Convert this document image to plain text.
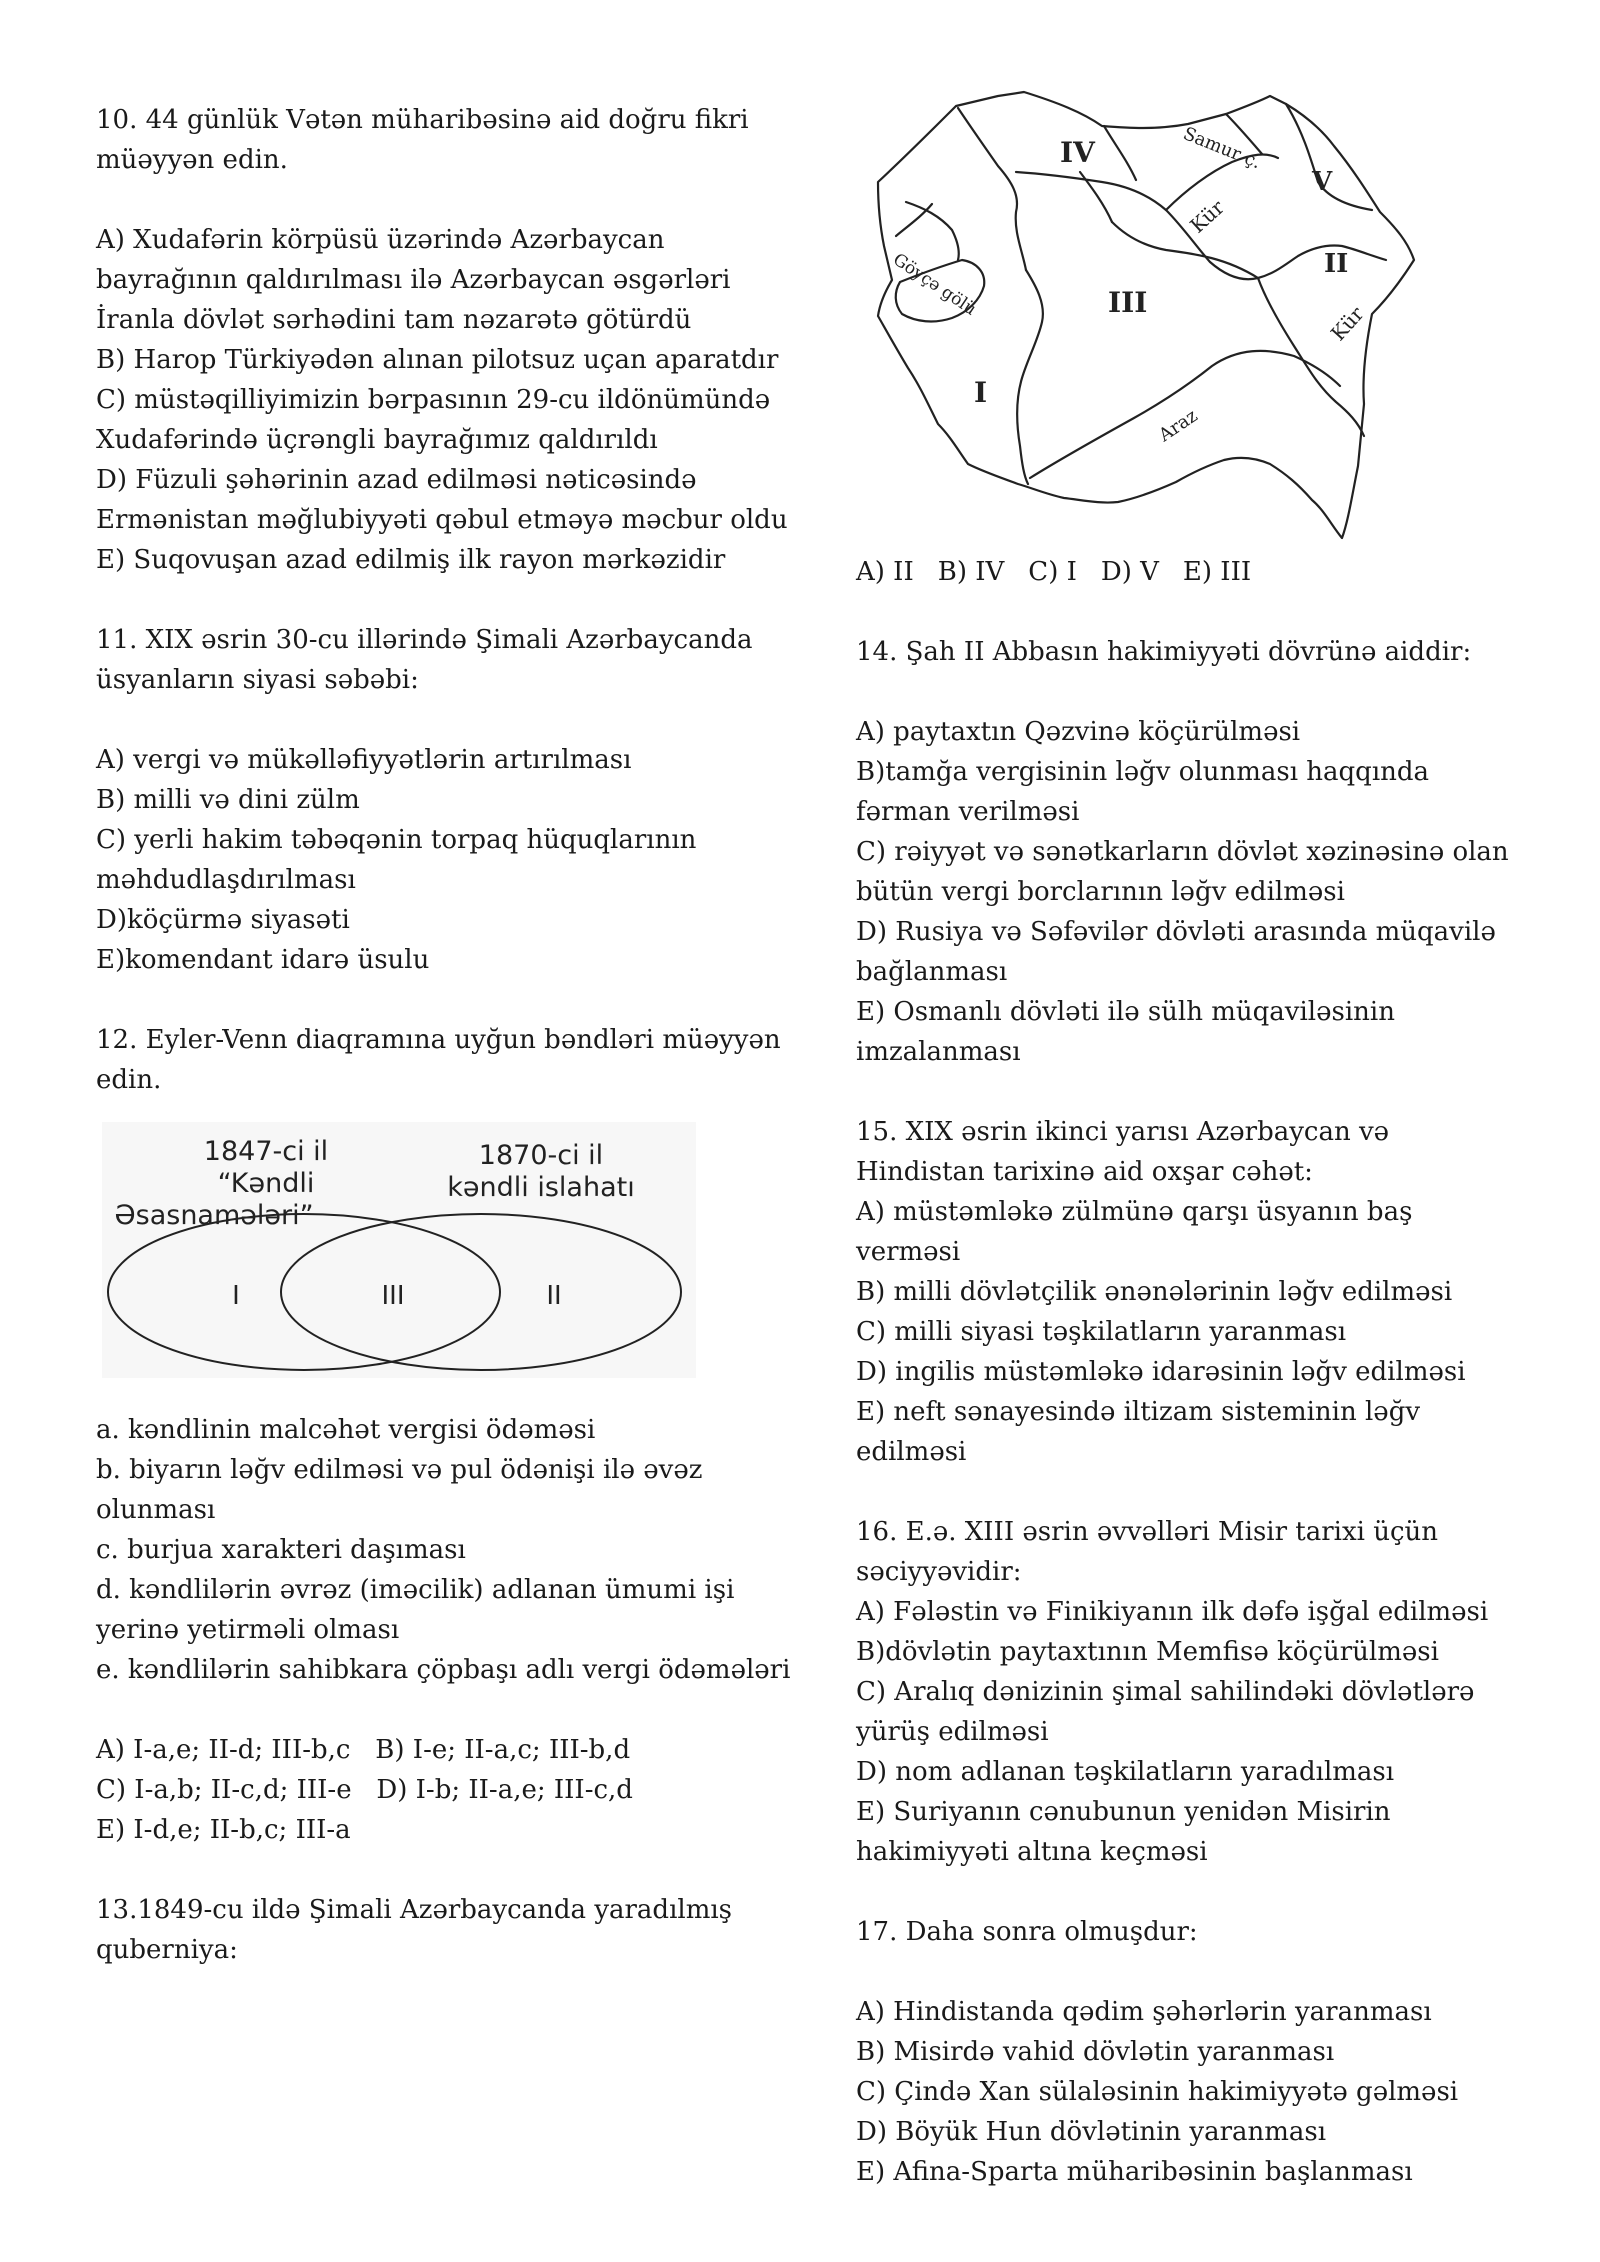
10. 44 günlük Vətən müharibəsinə aid doğru fikri müəyyən edin.

A) Xudafərin körpüsü üzərində Azərbaycan bayrağının qaldırılması ilə Azərbaycan əsgərləri İranla dövlət sərhədini tam nəzarətə götürdü

B) Harop Türkiyədən alınan pilotsuz uçan aparatdır

C) müstəqilliyimizin bərpasının 29-cu ildönümündə Xudafərində üçrəngli bayrağımız qaldırıldı

D) Füzuli şəhərinin azad edilməsi nəticəsində Ermənistan məğlubiyyəti qəbul etməyə məcbur oldu

E) Suqovuşan azad edilmiş ilk rayon mərkəzidir

11. XIX əsrin 30-cu illərində Şimali Azərbaycanda üsyanların siyasi səbəbi:

A) vergi və mükəlləfiyyətlərin artırılması

B) milli və dini zülm

C) yerli hakim təbəqənin torpaq hüquqlarının məhdudlaşdırılması

D)köçürmə siyasəti

E)komendant idarə üsulu

12. Eyler-Venn diaqramına uyğun bəndləri müəyyən edin.

1847-ci il
“Kəndli
Əsasnamələri”
1870-ci il
kəndli islahatı
I	III	II

a. kəndlinin malcəhət vergisi ödəməsi

b. biyarın ləğv edilməsi və pul ödənişi ilə əvəz olunması

c. burjua xarakteri daşıması

d. kəndlilərin əvrəz (iməcilik) adlanan ümumi işi yerinə yetirməli olması

e. kəndlilərin sahibkara çöpbaşı adlı vergi ödəmələri

A) I-a,e; II-d; III-b,c B) I-e; II-a,c; III-b,d

C) I-a,b; II-c,d; III-e D) I-b; II-a,e; III-c,d

E) I-d,e; II-b,c; III-a

13.1849-cu ildə Şimali Azərbaycanda yaradılmış quberniya:

IV
V
II
III
I
Samur ç.
Kür
Kür
Göyçə gölü
Araz

A) II B) IV C) I D) V E) III

14. Şah II Abbasın hakimiyyəti dövrünə aiddir:

A) paytaxtın Qəzvinə köçürülməsi

B)tamğa vergisinin ləğv olunması haqqında fərman verilməsi

C) rəiyyət və sənətkarların dövlət xəzinəsinə olan bütün vergi borclarının ləğv edilməsi

D) Rusiya və Səfəvilər dövləti arasında müqavilə bağlanması

E) Osmanlı dövləti ilə sülh müqaviləsinin imzalanması

15. XIX əsrin ikinci yarısı Azərbaycan və Hindistan tarixinə aid oxşar cəhət:

A) müstəmləkə zülmünə qarşı üsyanın baş verməsi

B) milli dövlətçilik ənənələrinin ləğv edilməsi

C) milli siyasi təşkilatların yaranması

D) ingilis müstəmləkə idarəsinin ləğv edilməsi

E) neft sənayesində iltizam sisteminin ləğv edilməsi

16. E.ə. XIII əsrin əvvəlləri Misir tarixi üçün səciyyəvidir:

A) Fələstin və Finikiyanın ilk dəfə işğal edilməsi

B)dövlətin paytaxtının Memfisə köçürülməsi

C) Aralıq dənizinin şimal sahilindəki dövlətlərə yürüş edilməsi

D) nom adlanan təşkilatların yaradılması

E) Suriyanın cənubunun yenidən Misirin hakimiyyəti altına keçməsi

17. Daha sonra olmuşdur:

A) Hindistanda qədim şəhərlərin yaranması

B) Misirdə vahid dövlətin yaranması

C) Çində Xan sülaləsinin hakimiyyətə gəlməsi

D) Böyük Hun dövlətinin yaranması

E) Afina-Sparta müharibəsinin başlanması
